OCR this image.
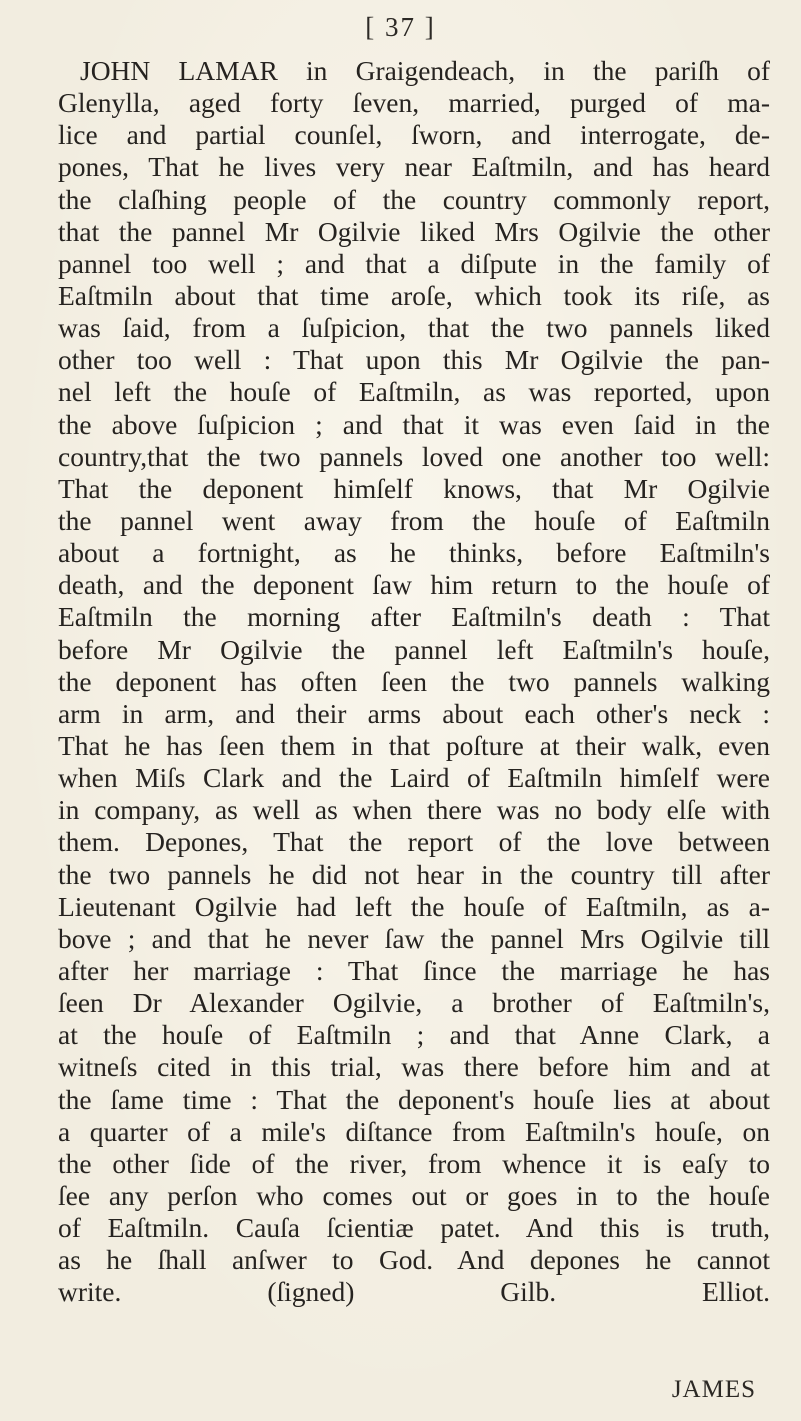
[ 37 ]
JOHN LAMAR in Graigendeach, in the pariſh of
Glenylla, aged forty ſeven, married, purged of ma-
lice and partial counſel, ſworn, and interrogate, de-
pones, That he lives very near Eaſtmiln, and has heard
the claſhing people of the country commonly report,
that the pannel Mr Ogilvie liked Mrs Ogilvie the other
pannel too well ; and that a diſpute in the family of
Eaſtmiln about that time aroſe, which took its riſe, as
was ſaid, from a ſuſpicion, that the two pannels liked
other too well : That upon this Mr Ogilvie the pan-
nel left the houſe of Eaſtmiln, as was reported, upon
the above ſuſpicion ; and that it was even ſaid in the
country,that the two pannels loved one another too well:
That the deponent himſelf knows, that Mr Ogilvie
the pannel went away from the houſe of Eaſtmiln
about a fortnight, as he thinks, before Eaſtmiln's
death, and the deponent ſaw him return to the houſe of
Eaſtmiln the morning after Eaſtmiln's death : That
before Mr Ogilvie the pannel left Eaſtmiln's houſe,
the deponent has often ſeen the two pannels walking
arm in arm, and their arms about each other's neck :
That he has ſeen them in that poſture at their walk, even
when Miſs Clark and the Laird of Eaſtmiln himſelf were
in company, as well as when there was no body elſe with
them. Depones, That the report of the love between
the two pannels he did not hear in the country till after
Lieutenant Ogilvie had left the houſe of Eaſtmiln, as a-
bove ; and that he never ſaw the pannel Mrs Ogilvie till
after her marriage : That ſince the marriage he has
ſeen Dr Alexander Ogilvie, a brother of Eaſtmiln's,
at the houſe of Eaſtmiln ; and that Anne Clark, a
witneſs cited in this trial, was there before him and at
the ſame time : That the deponent's houſe lies at about
a quarter of a mile's diſtance from Eaſtmiln's houſe, on
the other ſide of the river, from whence it is eaſy to
ſee any perſon who comes out or goes in to the houſe
of Eaſtmiln. Cauſa ſcientiæ patet. And this is truth,
as he ſhall anſwer to God. And depones he cannot
write. (ſigned) Gilb. Elliot.
JAMES
